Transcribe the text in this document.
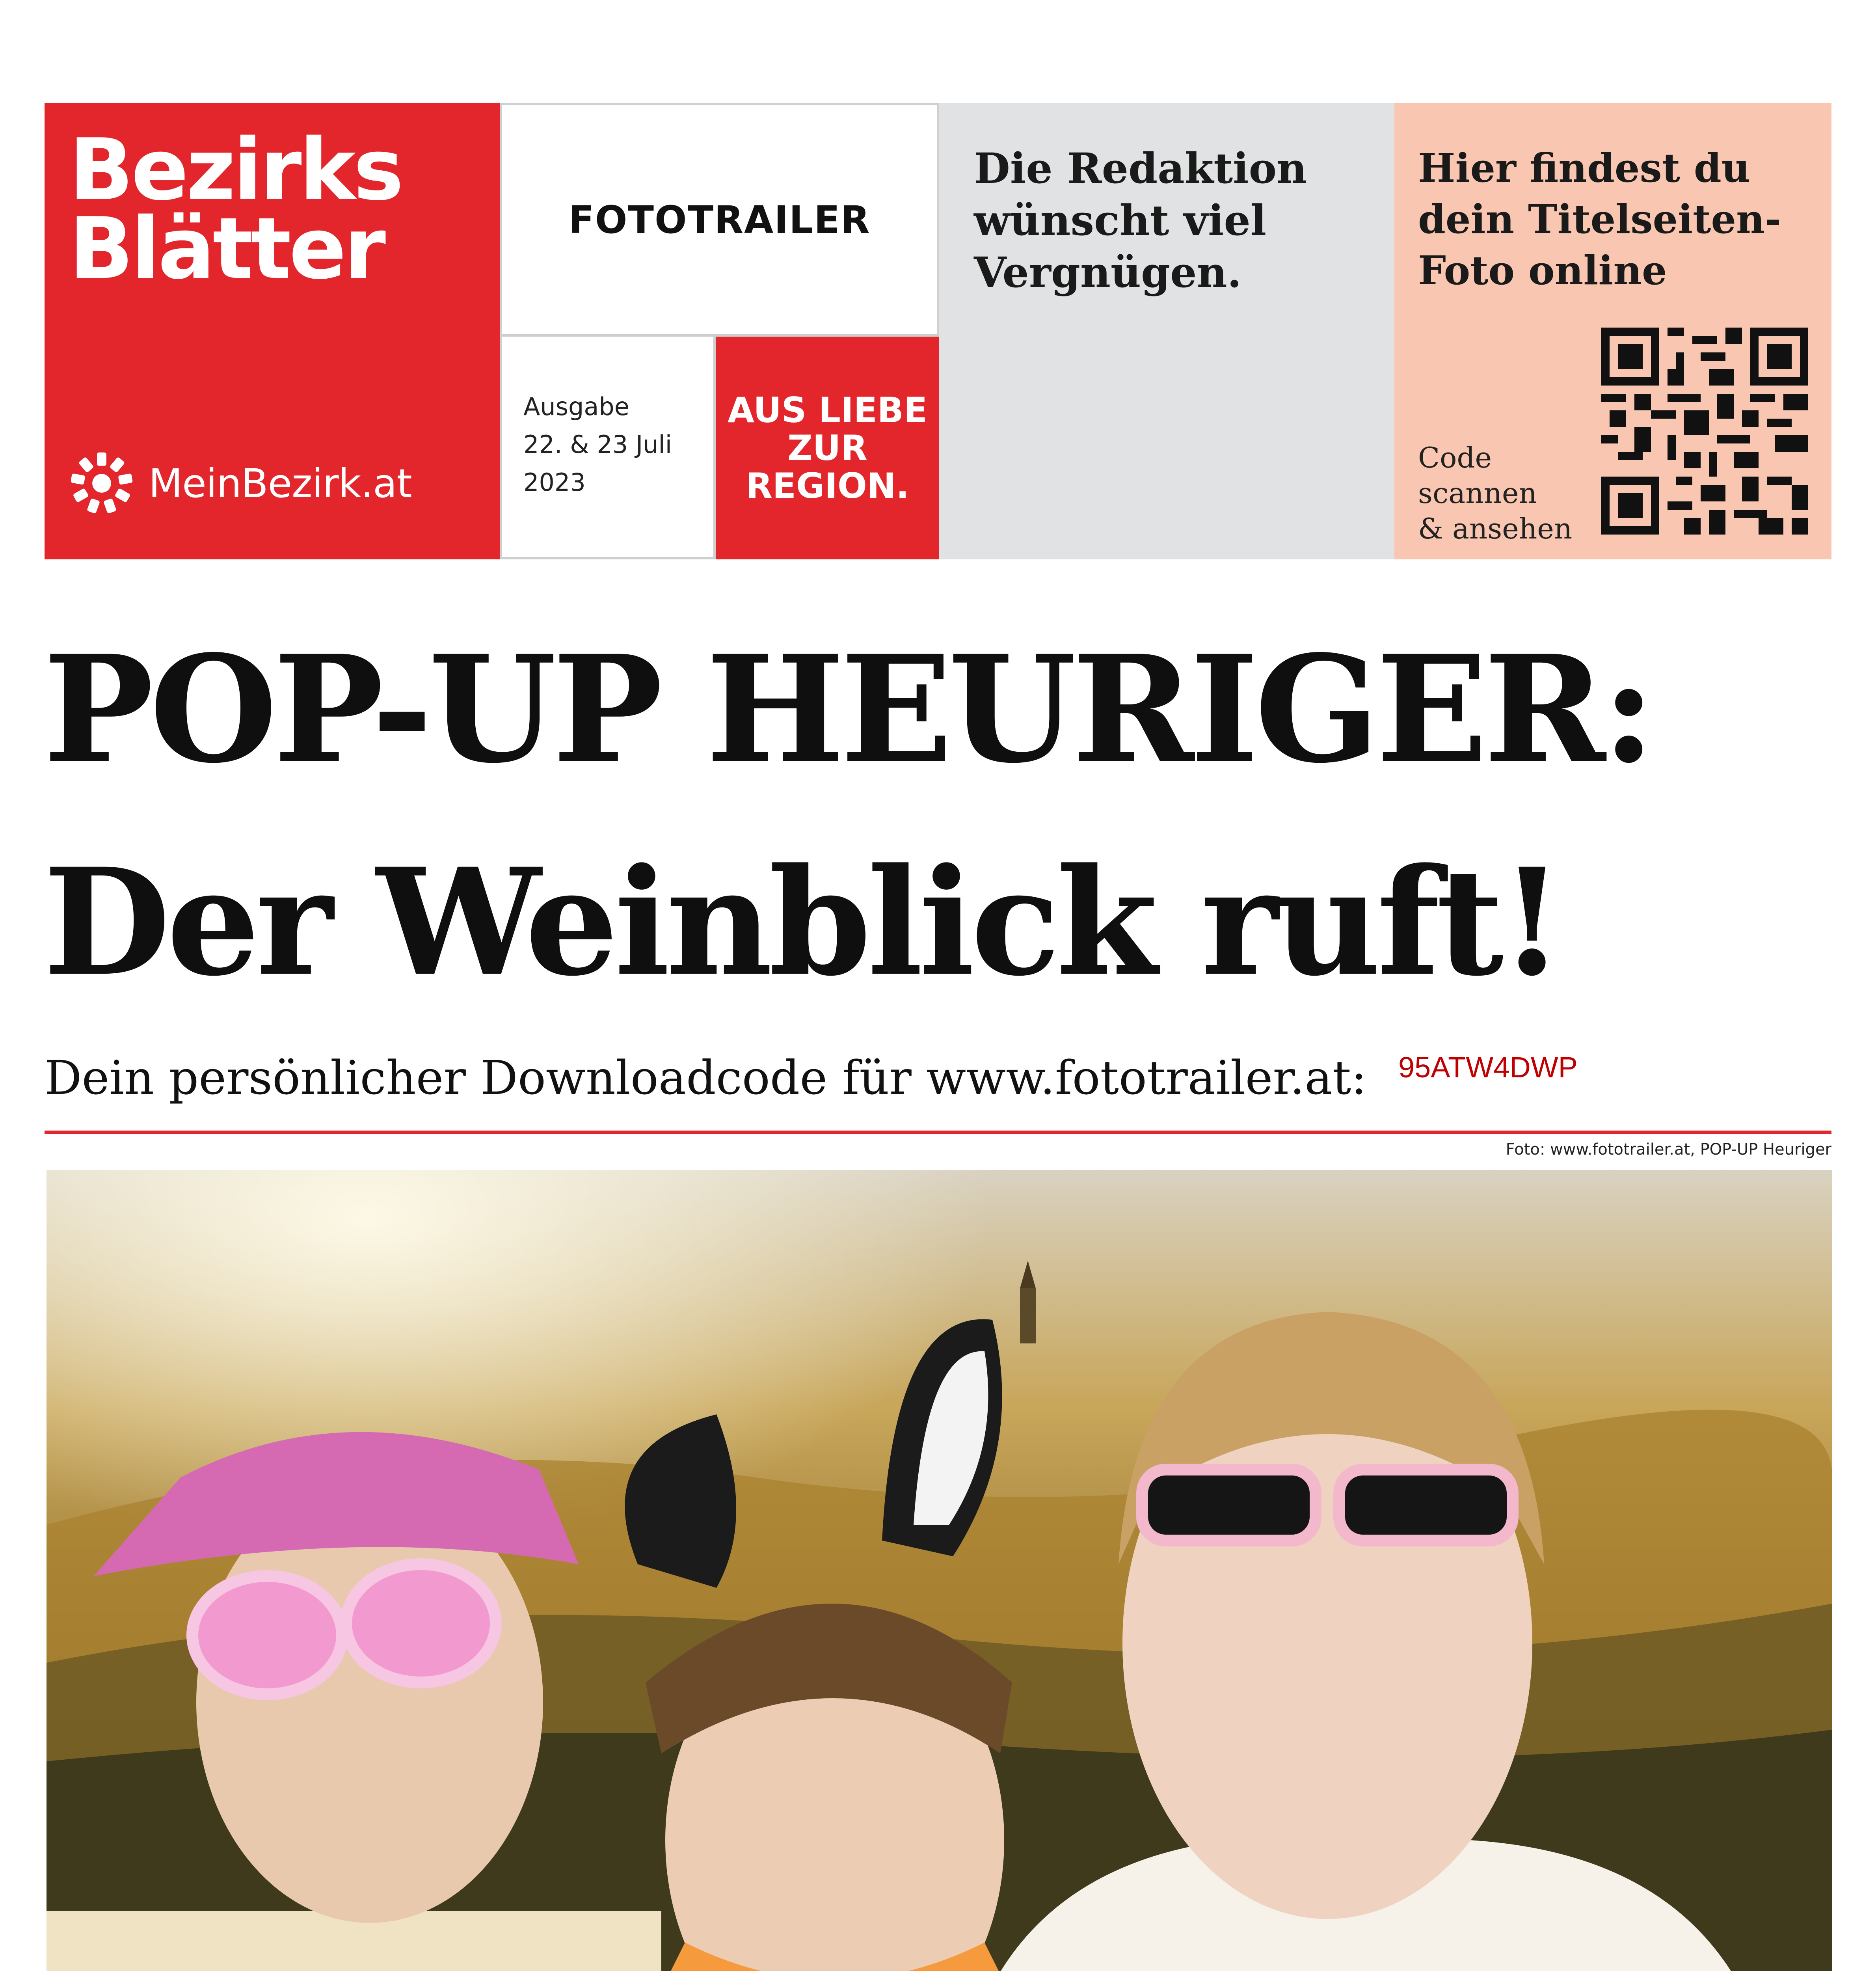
Bezirks
Blätter
MeinBezirk.at
FOTOTRAILER
Ausgabe
22. & 23 Juli
2023
AUS LIEBE
ZUR
REGION.
Die Redaktion
wünscht viel
Vergnügen.
Hier findest du
dein Titelseiten-
Foto online
Code
scannen
& ansehen
POP-UP HEURIGER:
Der Weinblick ruft!
Dein persönlicher Downloadcode für www.fototrailer.at: 95ATW4DWP
Foto: www.fototrailer.at, POP-UP Heuriger
